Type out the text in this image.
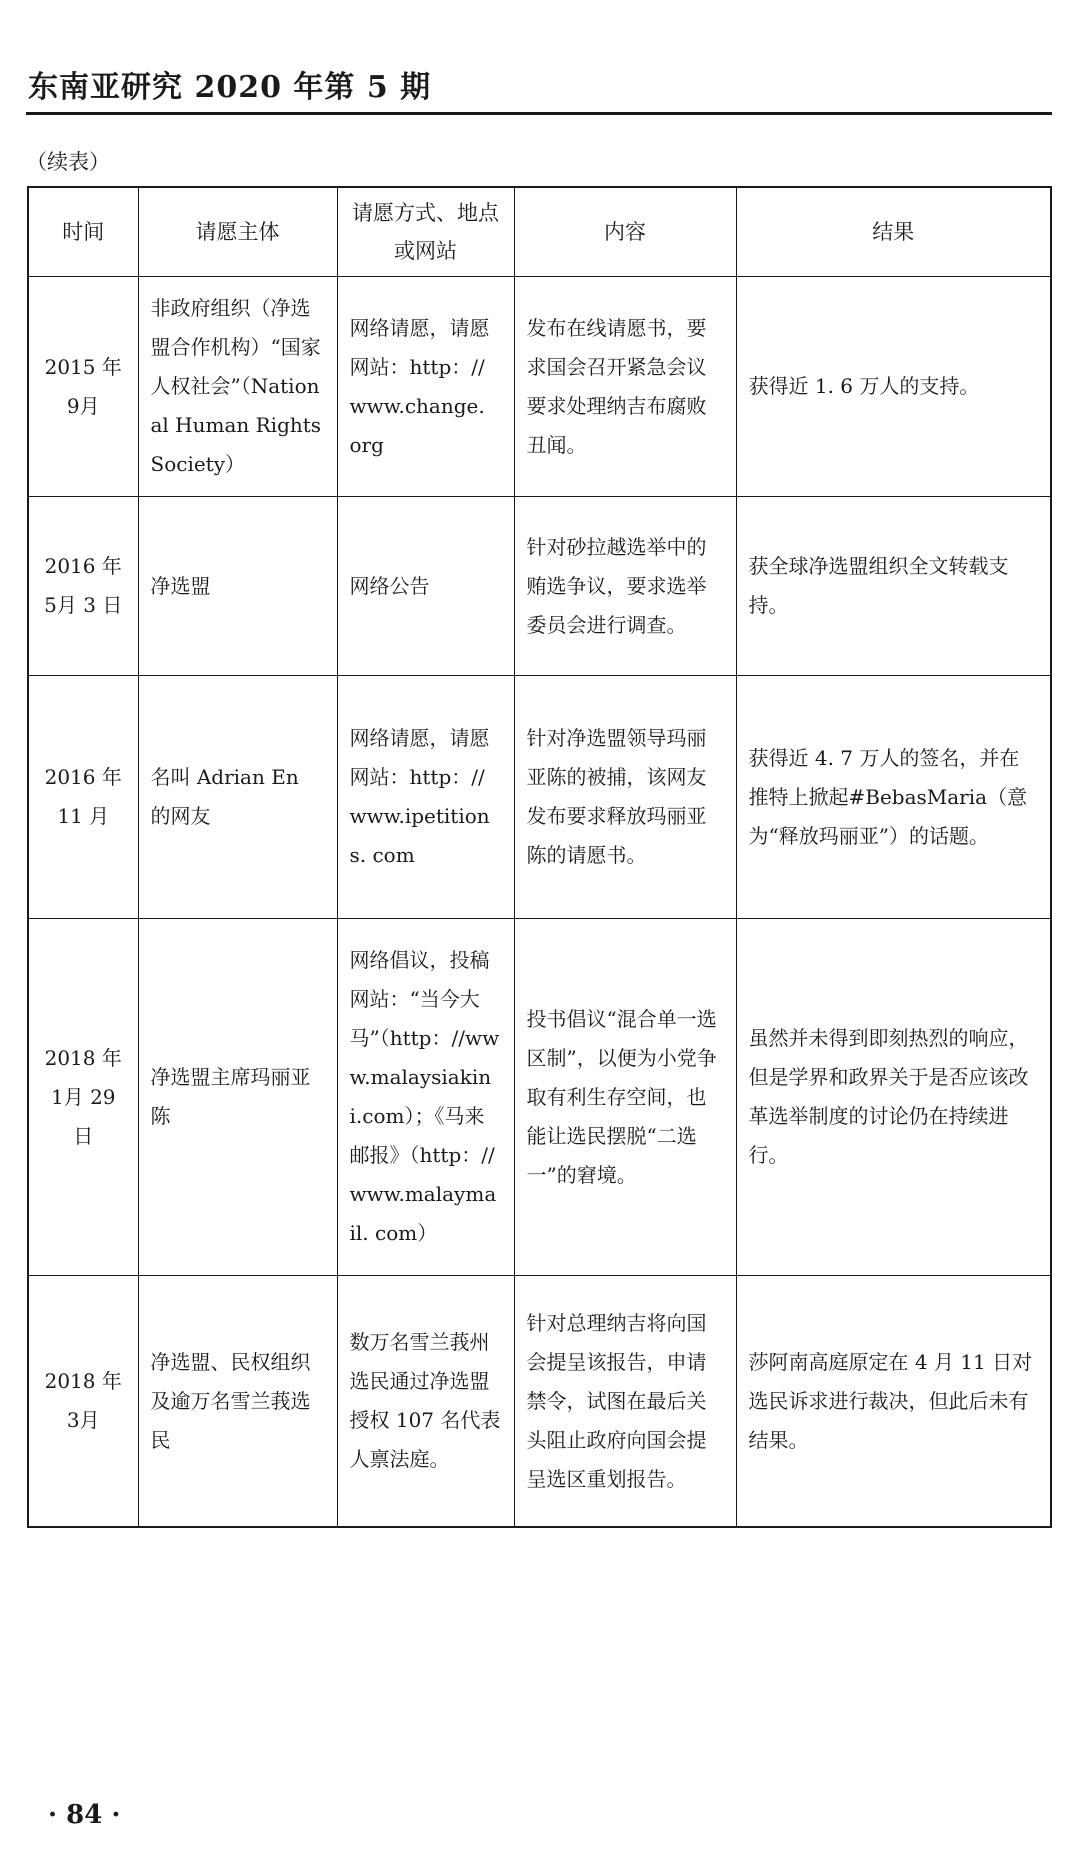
东南亚研究 2020 年第 5 期
（续表）
时间	请愿主体	请愿方式、地点或网站	内容	结果
2015 年 9月	非政府组织（净选盟合作机构）“国家人权社会”（National Human Rights Society）	网络请愿，请愿网站：http：//www.change. org	发布在线请愿书，要求国会召开紧急会议要求处理纳吉布腐败丑闻。	获得近 1. 6 万人的支持。
2016 年 5月 3 日	净选盟	网络公告	针对砂拉越选举中的贿选争议，要求选举委员会进行调查。	获全球净选盟组织全文转载支持。
2016 年 11 月	名叫 Adrian En 的网友	网络请愿，请愿网站：http：//www.ipetitions. com	针对净选盟领导玛丽亚陈的被捕，该网友发布要求释放玛丽亚陈的请愿书。	获得近 4. 7 万人的签名，并在推特上掀起#BebasMaria（意为“释放玛丽亚”）的话题。
2018 年 1月 29 日	净选盟主席玛丽亚陈	网络倡议，投稿网站：“当今大马”（http：//www.malaysiakini.com）；《马来邮报》（http：//www.malaymail. com）	投书倡议“混合单一选区制”，以便为小党争取有利生存空间，也能让选民摆脱“二选一”的窘境。	虽然并未得到即刻热烈的响应，但是学界和政界关于是否应该改革选举制度的讨论仍在持续进行。
2018 年 3月	净选盟、民权组织及逾万名雪兰莪选民	数万名雪兰莪州选民通过净选盟授权 107 名代表人禀法庭。	针对总理纳吉将向国会提呈该报告，申请禁令，试图在最后关头阻止政府向国会提呈选区重划报告。	莎阿南高庭原定在 4 月 11 日对选民诉求进行裁决，但此后未有结果。
· 84 ·
